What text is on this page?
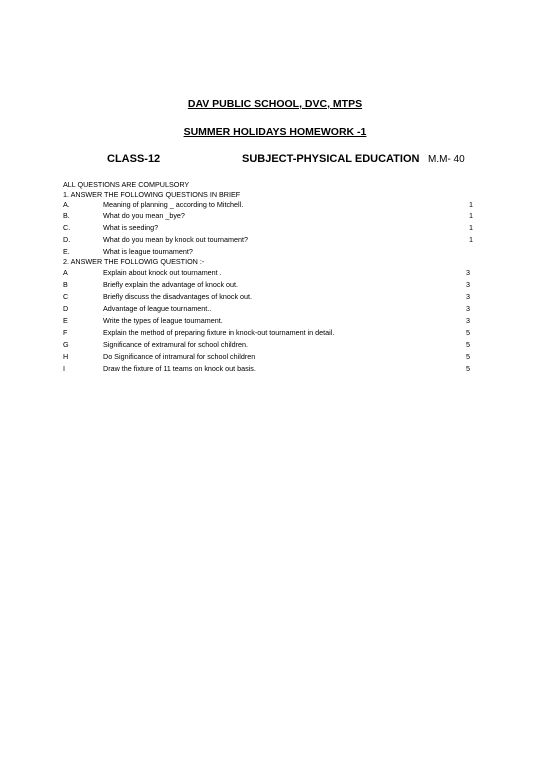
DAV PUBLIC SCHOOL, DVC, MTPS
SUMMER HOLIDAYS HOMEWORK -1
CLASS-12	SUBJECT-PHYSICAL EDUCATION M.M- 40
ALL QUESTIONS ARE COMPULSORY
1. ANSWER THE FOLLOWING QUESTIONS IN BRIEF
A.	Meaning of planning _ according to Mitchell.	1
B.	What do you mean _bye?	1
C.	What is seeding?	1
D.	What do you mean by knock out tournament?	1
E.	What is league tournament?
2. ANSWER THE FOLLOWIG QUESTION :-
A	Explain about knock out tournament .	3
B	Briefly explain the advantage of knock out.	3
C	Briefly discuss the disadvantages of knock out.	3
D	Advantage of league tournament..	3
E	Write the types of league tournament.	3
F	Explain the method of preparing fixture in knock-out tournament in detail.	5
G	Significance of extramural for school children.	5
H	Do Significance of intramural for school children	5
I	Draw the fixture of 11 teams on knock out basis.	5
